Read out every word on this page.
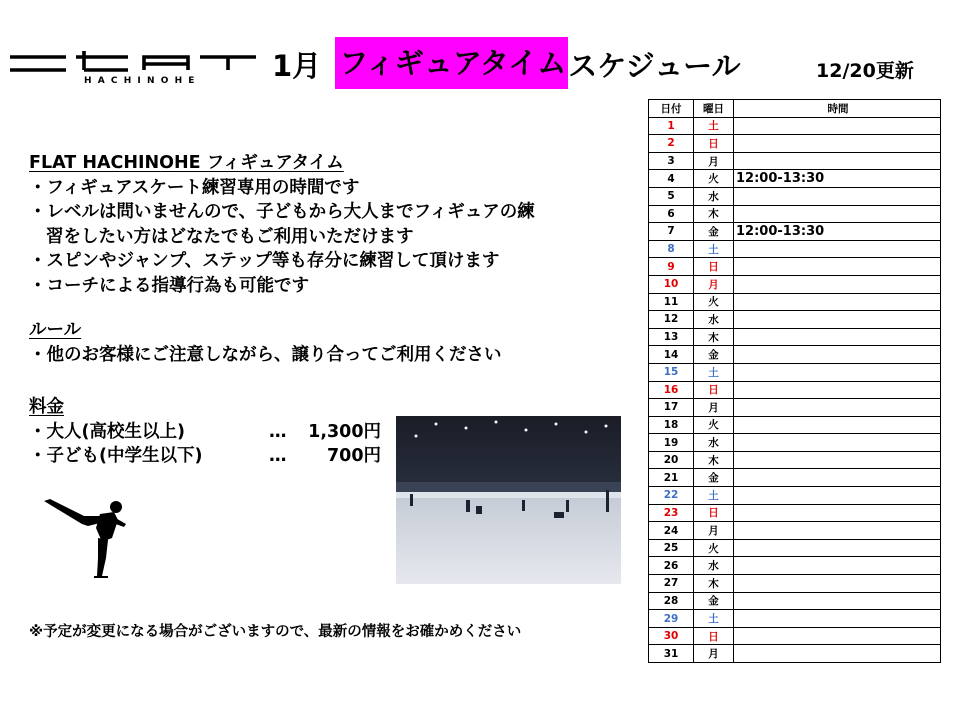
HACHINOHE	1月 フィギュアタイム スケジュール	12/20更新
FLAT HACHINOHE フィギュアタイム
・フィギュアスケート練習専用の時間です
・レベルは問いませんので、子どもから大人までフィギュアの練
習をしたい方はどなたでもご利用いただけます
・スピンやジャンプ、ステップ等も存分に練習して頂けます
・コーチによる指導行為も可能です
ルール
・他のお客様にご注意しながら、譲り合ってご利用ください
料金
・大人(高校生以上)	…	1,300円
・子ども(中学生以下)	…	700円
※予定が変更になる場合がございますので、最新の情報をお確かめください
日付	曜日	時間
1	土	
2	日	
3	月	
4	火	12:00-13:30
5	水	
6	木	
7	金	12:00-13:30
8	土	
9	日	
10	月	
11	火	
12	水	
13	木	
14	金	
15	土	
16	日	
17	月	
18	火	
19	水	
20	木	
21	金	
22	土	
23	日	
24	月	
25	火	
26	水	
27	木	
28	金	
29	土	
30	日	
31	月	
